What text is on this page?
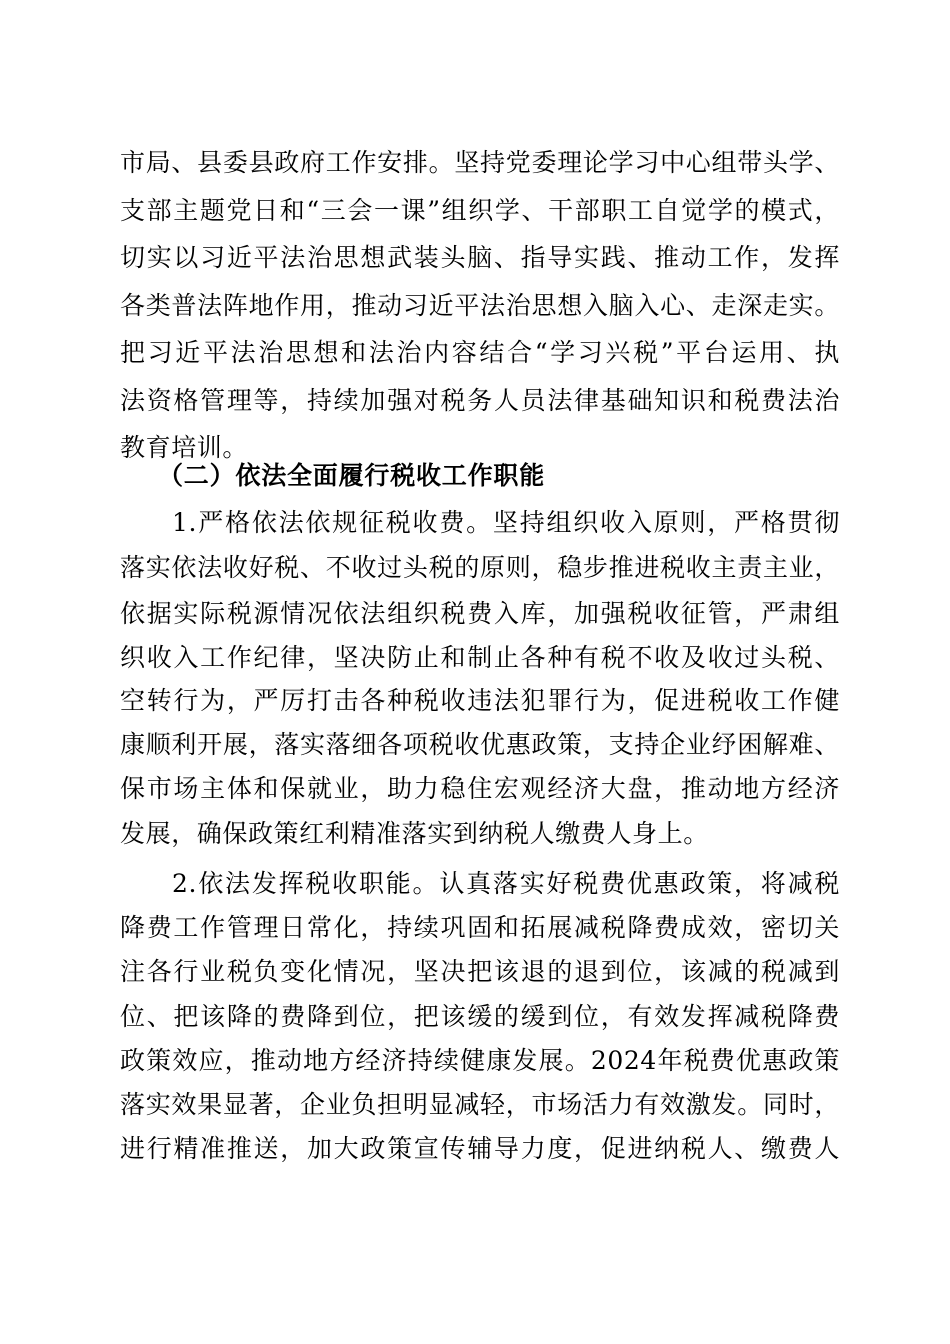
市局、县委县政府工作安排。坚持党委理论学习中心组带头学、
支部主题党日和“三会一课”组织学、干部职工自觉学的模式，
切实以习近平法治思想武装头脑、指导实践、推动工作，发挥
各类普法阵地作用，推动习近平法治思想入脑入心、走深走实。
把习近平法治思想和法治内容结合“学习兴税”平台运用、执
法资格管理等，持续加强对税务人员法律基础知识和税费法治
教育培训。
（二）依法全面履行税收工作职能
1.严格依法依规征税收费。坚持组织收入原则，严格贯彻
落实依法收好税、不收过头税的原则，稳步推进税收主责主业，
依据实际税源情况依法组织税费入库，加强税收征管，严肃组
织收入工作纪律，坚决防止和制止各种有税不收及收过头税、
空转行为，严厉打击各种税收违法犯罪行为，促进税收工作健
康顺利开展，落实落细各项税收优惠政策，支持企业纾困解难、
保市场主体和保就业，助力稳住宏观经济大盘，推动地方经济
发展，确保政策红利精准落实到纳税人缴费人身上。
2.依法发挥税收职能。认真落实好税费优惠政策，将减税
降费工作管理日常化，持续巩固和拓展减税降费成效，密切关
注各行业税负变化情况，坚决把该退的退到位，该减的税减到
位、把该降的费降到位，把该缓的缓到位，有效发挥减税降费
政策效应，推动地方经济持续健康发展。2024年税费优惠政策
落实效果显著，企业负担明显减轻，市场活力有效激发。同时，
进行精准推送，加大政策宣传辅导力度，促进纳税人、缴费人
